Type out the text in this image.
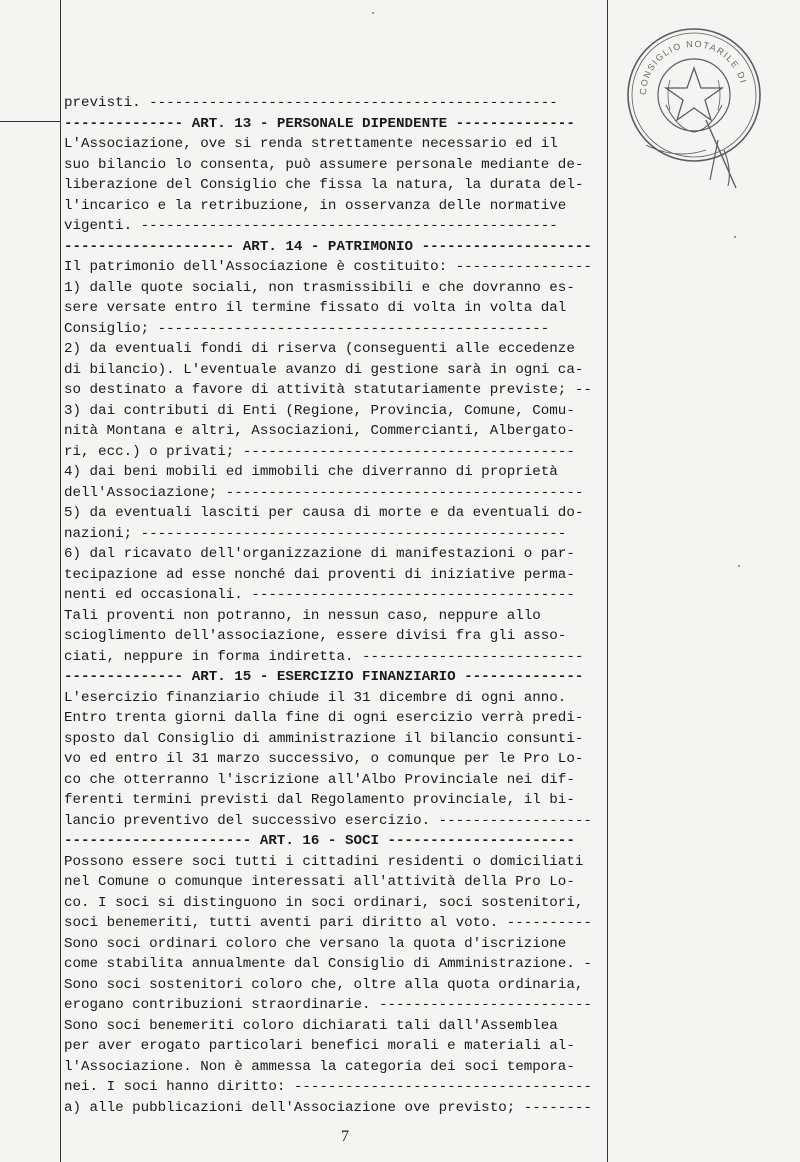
previsti. ------------------------------------------------
-------------- ART. 13 - PERSONALE DIPENDENTE --------------
L'Associazione, ove si renda strettamente necessario ed il
suo bilancio lo consenta, può assumere personale mediante de-
liberazione del Consiglio che fissa la natura, la durata del-
l'incarico e la retribuzione, in osservanza delle normative
vigenti. -------------------------------------------------
-------------------- ART. 14 - PATRIMONIO --------------------
Il patrimonio dell'Associazione è costituito: ----------------
1) dalle quote sociali, non trasmissibili e che dovranno es-
sere versate entro il termine fissato di volta in volta dal
Consiglio; ----------------------------------------------
2) da eventuali fondi di riserva (conseguenti alle eccedenze
di bilancio). L'eventuale avanzo di gestione sarà in ogni ca-
so destinato a favore di attività statutariamente previste; --
3) dai contributi di Enti (Regione, Provincia, Comune, Comu-
nità Montana e altri, Associazioni, Commercianti, Albergato-
ri, ecc.) o privati; ---------------------------------------
4) dai beni mobili ed immobili che diverranno di proprietà
dell'Associazione; ------------------------------------------
5) da eventuali lasciti per causa di morte e da eventuali do-
nazioni; --------------------------------------------------
6) dal ricavato dell'organizzazione di manifestazioni o par-
tecipazione ad esse nonché dai proventi di iniziative perma-
nenti ed occasionali. --------------------------------------
Tali proventi non potranno, in nessun caso, neppure allo
scioglimento dell'associazione, essere divisi fra gli asso-
ciati, neppure in forma indiretta. --------------------------
-------------- ART. 15 - ESERCIZIO FINANZIARIO --------------
L'esercizio finanziario chiude il 31 dicembre di ogni anno.
Entro trenta giorni dalla fine di ogni esercizio verrà predi-
sposto dal Consiglio di amministrazione il bilancio consunti-
vo ed entro il 31 marzo successivo, o comunque per le Pro Lo-
co che otterranno l'iscrizione all'Albo Provinciale nei dif-
ferenti termini previsti dal Regolamento provinciale, il bi-
lancio preventivo del successivo esercizio. ------------------
---------------------- ART. 16 - SOCI ----------------------
Possono essere soci tutti i cittadini residenti o domiciliati
nel Comune o comunque interessati all'attività della Pro Lo-
co. I soci si distinguono in soci ordinari, soci sostenitori,
soci benemeriti, tutti aventi pari diritto al voto. ----------
Sono soci ordinari coloro che versano la quota d'iscrizione
come stabilita annualmente dal Consiglio di Amministrazione. -
Sono soci sostenitori coloro che, oltre alla quota ordinaria,
erogano contribuzioni straordinarie. -------------------------
Sono soci benemeriti coloro dichiarati tali dall'Assemblea
per aver erogato particolari benefici morali e materiali al-
l'Associazione. Non è ammessa la categoria dei soci tempora-
nei. I soci hanno diritto: -----------------------------------
a) alle pubblicazioni dell'Associazione ove previsto; --------
7
CONSIGLIO NOTARILE DI
